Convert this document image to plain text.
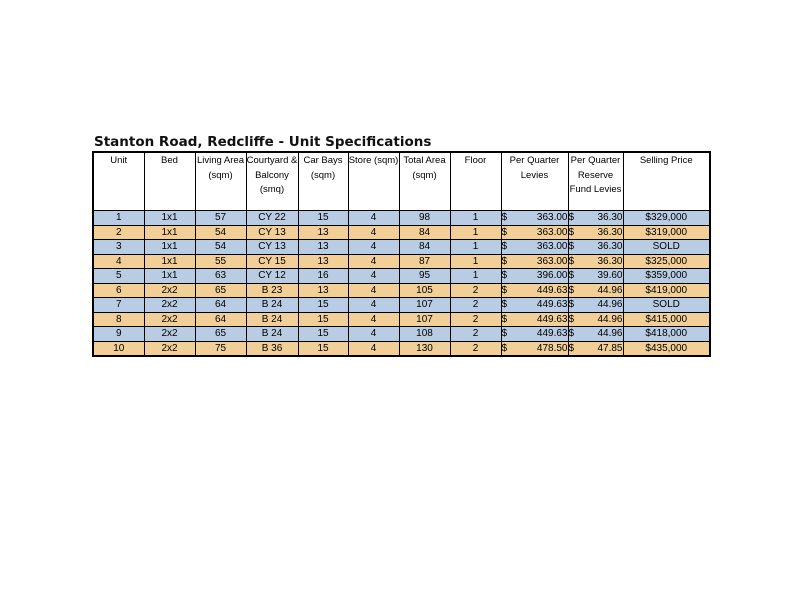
Stanton Road, Redcliffe - Unit Specifications
Unit	Bed	Living Area (sqm)	Courtyard & Balcony (smq)	Car Bays (sqm)	Store (sqm)	Total Area (sqm)	Floor	Per Quarter Levies	Per Quarter Reserve Fund Levies	Selling Price
1	1x1	57	CY 22	15	4	98	1	$ 363.00	$ 36.30	$329,000
2	1x1	54	CY 13	13	4	84	1	$ 363.00	$ 36.30	$319,000
3	1x1	54	CY 13	13	4	84	1	$ 363.00	$ 36.30	SOLD
4	1x1	55	CY 15	13	4	87	1	$ 363.00	$ 36.30	$325,000
5	1x1	63	CY 12	16	4	95	1	$ 396.00	$ 39.60	$359,000
6	2x2	65	B 23	13	4	105	2	$ 449.63	$ 44.96	$419,000
7	2x2	64	B 24	15	4	107	2	$ 449.63	$ 44.96	SOLD
8	2x2	64	B 24	15	4	107	2	$ 449.63	$ 44.96	$415,000
9	2x2	65	B 24	15	4	108	2	$ 449.63	$ 44.96	$418,000
10	2x2	75	B 36	15	4	130	2	$ 478.50	$ 47.85	$435,000
